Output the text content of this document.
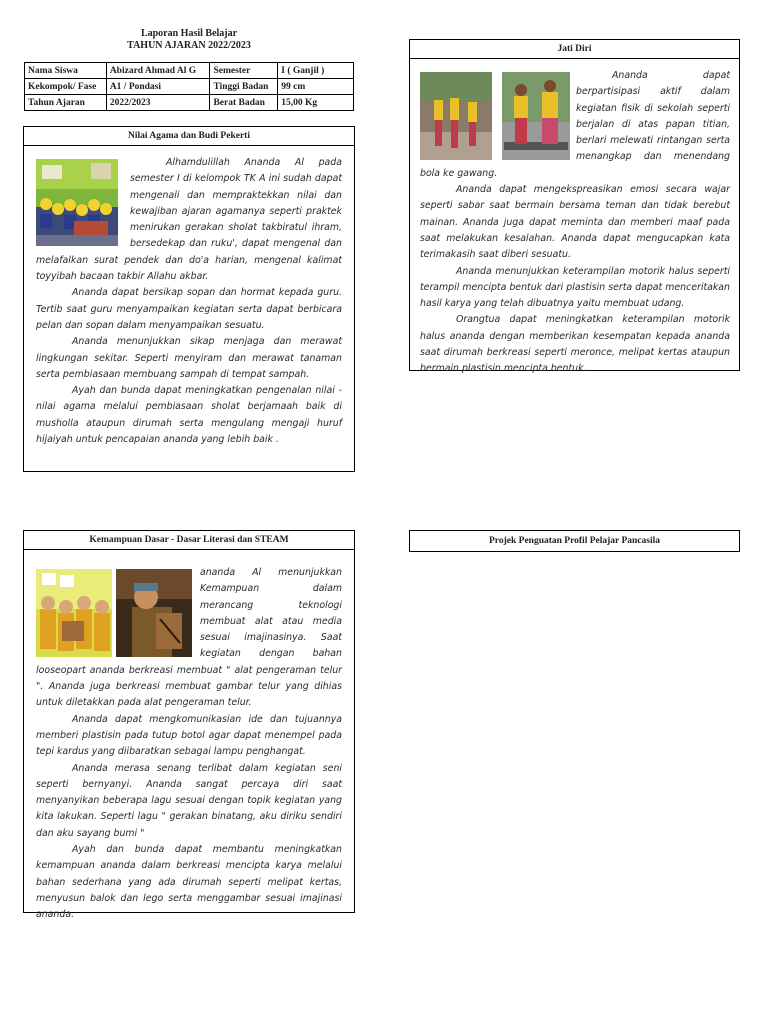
Laporan Hasil Belajar
TAHUN AJARAN 2022/2023
Nama Siswa	Abizard Ahmad Al G	Semester	I ( Ganjil )
Kekompok/ Fase	A1 / Pondasi	Tinggi Badan	99 cm
Tahun Ajaran	2022/2023	Berat Badan	15,00 Kg
Nilai Agama dan Budi Pekerti

Alhamdulillah Ananda Al pada semester I di kelompok TK A ini sudah dapat mengenali dan mempraktekkan nilai dan kewajiban ajaran agamanya seperti praktek menirukan gerakan sholat takbiratul ihram, bersedekap dan ruku', dapat mengenal dan melafalkan surat pendek dan do'a harian, mengenal kalimat toyyibah bacaan takbir Allahu akbar.

Ananda dapat bersikap sopan dan hormat kepada guru. Tertib saat guru menyampaikan kegiatan serta dapat berbicara pelan dan sopan dalam menyampaikan sesuatu.

Ananda menunjukkan sikap menjaga dan merawat lingkungan sekitar. Seperti menyiram dan merawat tanaman serta pembiasaan membuang sampah di tempat sampah.

Ayah dan bunda dapat meningkatkan pengenalan nilai - nilai agama melalui pembiasaan sholat berjamaah baik di musholla ataupun dirumah serta mengulang mengaji huruf hijaiyah untuk pencapaian ananda yang lebih baik .

Jati Diri

Ananda dapat berpartisipasi aktif dalam kegiatan fisik di sekolah seperti berjalan di atas papan titian, berlari melewati rintangan serta menangkap dan menendang bola ke gawang.

Ananda dapat mengekspreasikan emosi secara wajar seperti sabar saat bermain bersama teman dan tidak berebut mainan. Ananda juga dapat meminta dan memberi maaf pada saat melakukan kesalahan. Ananda dapat mengucapkan kata terimakasih saat diberi sesuatu.

Ananda menunjukkan keterampilan motorik halus seperti terampil mencipta bentuk dari plastisin serta dapat menceritakan hasil karya yang telah dibuatnya yaitu membuat udang.

Orangtua dapat meningkatkan keterampilan motorik halus ananda dengan memberikan kesempatan kepada ananda saat dirumah berkreasi seperti meronce, melipat kertas ataupun bermain plastisin mencipta bentuk..

Kemampuan Dasar - Dasar Literasi dan STEAM

ananda Al menunjukkan Kemampuan dalam merancang teknologi membuat alat atau media sesuai imajinasinya. Saat kegiatan dengan bahan looseopart ananda berkreasi membuat " alat pengeraman telur ". Ananda juga berkreasi membuat gambar telur yang dihias untuk diletakkan pada alat pengeraman telur.

Ananda dapat mengkomunikasian ide dan tujuannya memberi plastisin pada tutup botol agar dapat menempel pada tepi kardus yang diibaratkan sebagai lampu penghangat.

Ananda merasa senang terlibat dalam kegiatan seni seperti bernyanyi. Ananda sangat percaya diri saat menyanyikan beberapa lagu sesuai dengan topik kegiatan yang kita lakukan. Seperti lagu " gerakan binatang, aku diriku sendiri dan aku sayang bumi "

Ayah dan bunda dapat membantu meningkatkan kemampuan ananda dalam berkreasi mencipta karya melalui bahan sederhana yang ada dirumah seperti melipat kertas, menyusun balok dan lego serta menggambar sesuai imajinasi ananda.

Projek Penguatan Profil Pelajar Pancasila
